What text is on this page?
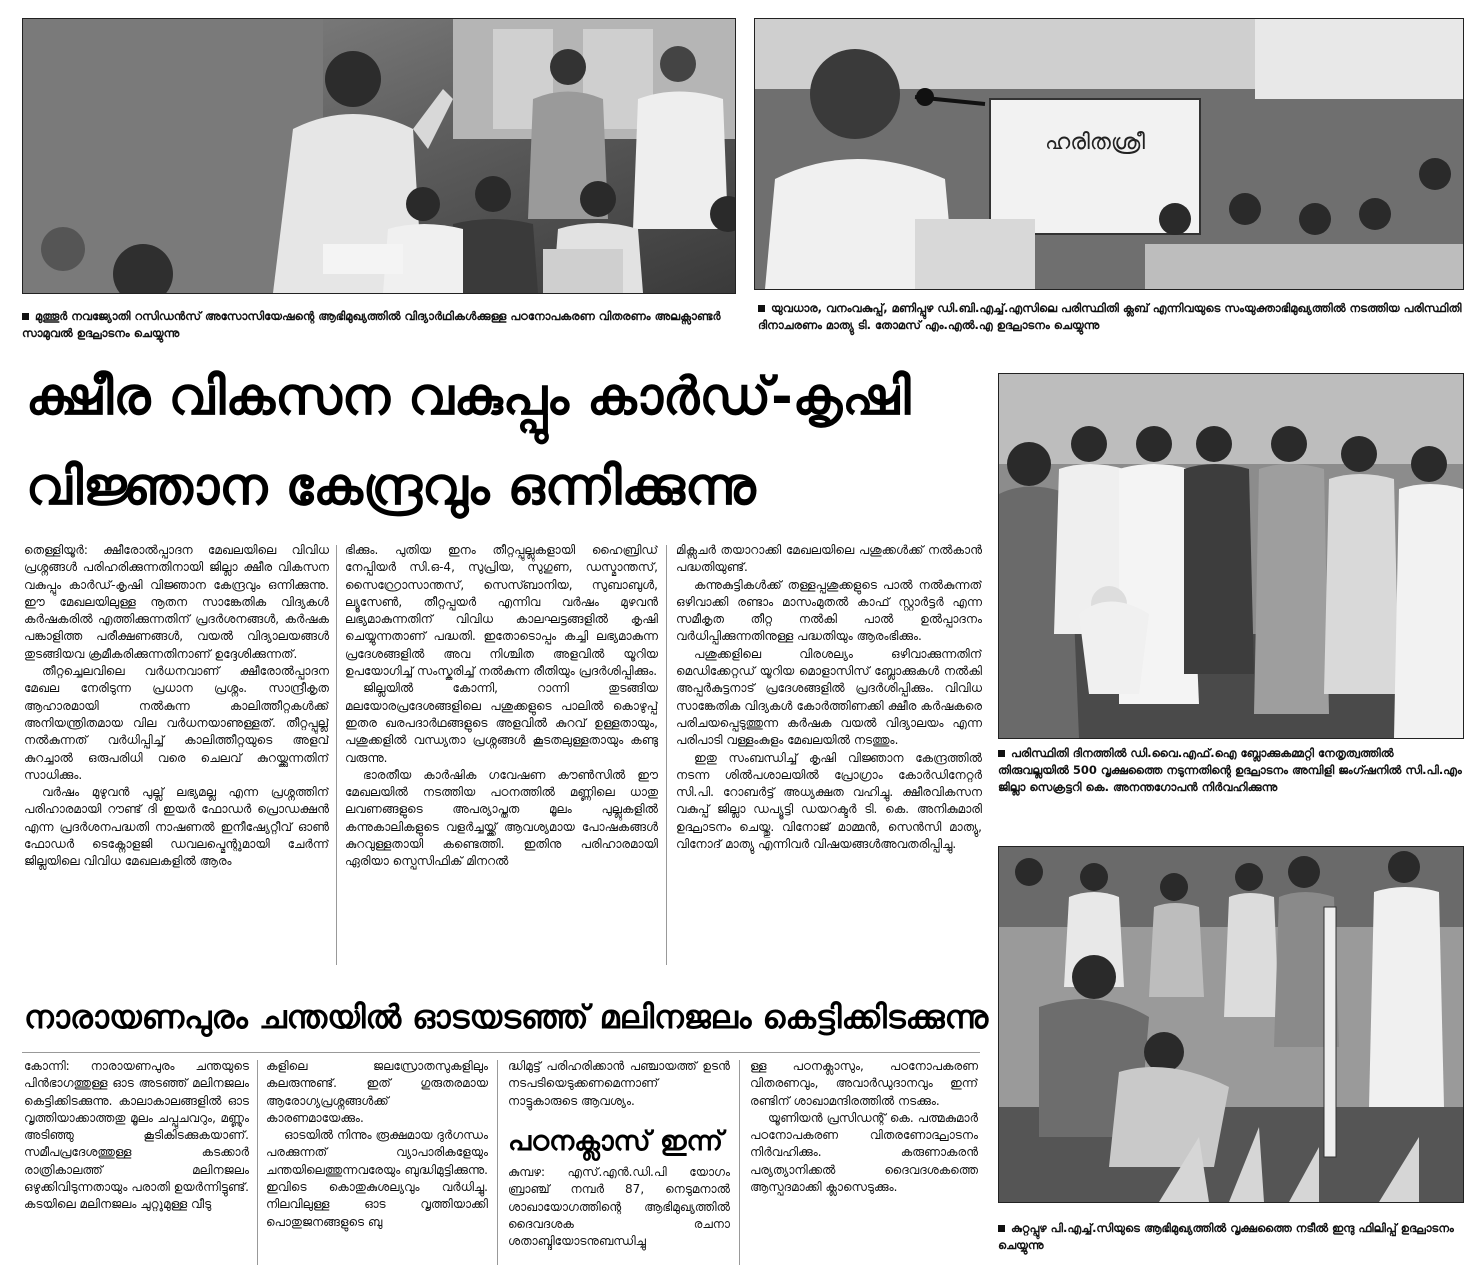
മുത്തൂര്‍ നവജ്യോതി റസിഡന്‍സ് അസോസിയേഷന്റെ ആഭിമുഖ്യത്തില്‍ വിദ്യാര്‍ഥികള്‍ക്കുള്ള പഠനോപകരണ വിതരണം അലക്സാണ്ടര്‍ സാമുവല്‍ ഉദ്ഘാടനം ചെയ്യുന്നു
ഹരിതശ്രീ
യുവധാര, വനംവകുപ്പ്, മണിപ്പുഴ ഡി.ബി.എച്ച്.എസിലെ പരിസ്ഥിതി ക്ലബ് എന്നിവയുടെ സംയുക്താഭിമുഖ്യത്തില്‍ നടത്തിയ പരിസ്ഥിതി ദിനാചരണം മാത്യു ടി. തോമസ് എം.എല്‍.എ ഉദ്ഘാടനം ചെയ്യുന്നു
ക്ഷീര വികസന വകുപ്പും കാര്‍ഡ്-കൃഷി
വിജ്ഞാന കേന്ദ്രവും ഒന്നിക്കുന്നു

തെള്ളിയൂര്‍: ക്ഷീരോല്‍പ്പാദന മേഖലയിലെ വിവിധ പ്രശ്നങ്ങള്‍ പരിഹരിക്കുന്നതിനായി ജില്ലാ ക്ഷീര വികസന വകുപ്പും കാര്‍ഡ്-കൃഷി വിജ്ഞാന കേന്ദ്രവും ഒന്നിക്കുന്നു. ഈ മേഖലയിലുള്ള നൂതന സാങ്കേതിക വിദ്യകള്‍ കര്‍ഷകരില്‍ എത്തിക്കുന്നതിന് പ്രദര്‍ശനങ്ങള്‍, കര്‍ഷക പങ്കാളിത്ത പരീക്ഷണങ്ങള്‍, വയല്‍ വിദ്യാലയങ്ങള്‍ തുടങ്ങിയവ ക്രമീകരിക്കുന്നതിനാണ് ഉദ്ദേശിക്കുന്നത്.

തീറ്റച്ചെലവിലെ വര്‍ധനവാണ് ക്ഷീരോല്‍പ്പാദന മേഖല നേരിടുന്ന പ്രധാന പ്രശ്നം. സാന്ദ്രീകൃത ആഹാരമായി നല്‍കുന്ന കാലിത്തീറ്റകള്‍ക്ക് അനിയന്ത്രിതമായ വില വര്‍ധനയാണുള്ളത്. തീറ്റപ്പുല്ല് നല്‍കുന്നത് വര്‍ധിപ്പിച്ച് കാലിത്തീറ്റയുടെ അളവ് കുറച്ചാല്‍ ഒരുപരിധി വരെ ചെലവ് കുറയ്ക്കുന്നതിന് സാധിക്കും.

വര്‍ഷം മുഴുവന്‍ പുല്ല് ലഭ്യമല്ല എന്ന പ്രശ്നത്തിന് പരിഹാരമായി റൗണ്ട് ദി ഇയര്‍ ഫോഡര്‍ പ്രൊഡക്ഷന്‍ എന്ന പ്രദര്‍ശനപദ്ധതി നാഷണല്‍ ഇനീഷ്യേറ്റീവ് ഓണ്‍ ഫോഡര്‍ ടെക്നോളജി ഡവലപ്മെന്റുമായി ചേര്‍ന്ന് ജില്ലയിലെ വിവിധ മേഖലകളില്‍ ആരം

ഭിക്കും. പുതിയ ഇനം തീറ്റപ്പുല്ലുകളായി ഹൈബ്രിഡ് നേപ്പിയര്‍ സി.ഒ-4, സുപ്രിയ, സുഗുണ, ഡസ്മാന്തസ്, സൈറ്റ്രോസാന്തസ്, സെസ്ബാനിയ, സുബാബുള്‍, ല്യൂസേണ്‍, തീറ്റപ്പയര്‍ എന്നിവ വര്‍ഷം മുഴവന്‍ ലഭ്യമാകുന്നതിന് വിവിധ കാലഘട്ടങ്ങളില്‍ കൃഷി ചെയ്യുന്നതാണ് പദ്ധതി. ഇതോടൊപ്പം കച്ചി ലഭ്യമാകുന്ന പ്രദേശങ്ങളില്‍ അവ നിശ്ചിത അളവില്‍ യൂറിയ ഉപയോഗിച്ച് സംസ്കരിച്ച് നല്‍കുന്ന രീതിയും പ്രദര്‍ശിപ്പിക്കും.

ജില്ലയില്‍ കോന്നി, റാന്നി തുടങ്ങിയ മലയോരപ്രദേശങ്ങളിലെ പശുക്കളുടെ പാലില്‍ കൊഴുപ്പ് ഇതര ഖരപദാര്‍ഥങ്ങളുടെ അളവില്‍ കുറവ് ഉള്ളതായും, പശുക്കളില്‍ വന്ധ്യതാ പ്രശ്നങ്ങള്‍ കൂടതലുള്ളതായും കണ്ടു വരുന്നു.

ഭാരതീയ കാര്‍ഷിക ഗവേഷണ കൗണ്‍സില്‍ ഈ മേഖലയില്‍ നടത്തിയ പഠനത്തില്‍ മണ്ണിലെ ധാതു ലവണങ്ങളുടെ അപര്യാപ്തത മൂലം പുല്ലുകളില്‍ കന്നുകാലികളുടെ വളര്‍ച്ചയ്ക്ക് ആവശ്യമായ പോഷകങ്ങള്‍ കുറവുള്ളതായി കണ്ടെത്തി. ഇതിനു പരിഹാരമായി ഏരിയാ സ്പെസിഫിക് മിനറല്‍

മിക്സചര്‍ തയാറാക്കി മേഖലയിലെ പശുക്കള്‍ക്ക് നല്‍കാന്‍ പദ്ധതിയുണ്ട്.

കന്നുകുട്ടികള്‍ക്ക് തള്ളപ്പശുക്കളുടെ പാല്‍ നല്‍കുന്നത് ഒഴിവാക്കി രണ്ടാം മാസംമുതല്‍ കാഫ് സ്റ്റാര്‍ട്ടര്‍ എന്ന സമീകൃത തീറ്റ നല്‍കി പാല്‍ ഉല്‍പ്പാദനം വര്‍ധിപ്പിക്കുന്നതിനുള്ള പദ്ധതിയും ആരംഭിക്കും.

പശുക്കളിലെ വിരശല്യം ഒഴിവാക്കുന്നതിന് മെഡിക്കേറ്റഡ് യൂറിയ മൊളാസിസ് ബ്ലോക്കുകള്‍ നല്‍കി അപ്പര്‍കുട്ടനാട് പ്രദേശങ്ങളില്‍ പ്രദര്‍ശിപ്പിക്കും. വിവിധ സാങ്കേതിക വിദ്യകള്‍ കോര്‍ത്തിണക്കി ക്ഷീര കര്‍ഷകരെ പരിചയപ്പെടുത്തുന്ന കര്‍ഷക വയല്‍ വിദ്യാലയം എന്ന പരിപാടി വള്ളംകുളം മേഖലയില്‍ നടത്തും.

ഇതു സംബന്ധിച്ച് കൃഷി വിജ്ഞാന കേന്ദ്രത്തില്‍ നടന്ന ശില്‍പശാലയില്‍ പ്രോഗ്രാം കോര്‍ഡിനേറ്റര്‍ സി.പി. റോബര്‍ട്ട് അധ്യക്ഷത വഹിച്ചു. ക്ഷീരവികസന വകുപ്പ് ജില്ലാ ഡപ്യൂട്ടി ഡയറക്ടര്‍ ടി. കെ. അനികുമാരി ഉദ്ഘാടനം ചെയ്തു. വിനോജ് മാമ്മന്‍, സെന്‍സി മാത്യു, വിനോദ് മാത്യു എന്നിവര്‍ വിഷയങ്ങള്‍അവതരിപ്പിച്ചു.

പരിസ്ഥിതി ദിനത്തില്‍ ഡി.വൈ.എഫ്.ഐ ബ്ലോക്കുകമ്മറ്റി നേതൃത്വത്തില്‍ തിരുവല്ലയില്‍ 500 വൃക്ഷത്തൈ നടുന്നതിന്റെ ഉദ്ഘാടനം അമ്പിളി ജംഗ്ഷനില്‍ സി.പി.എം ജില്ലാ സെക്രട്ടറി കെ. അനന്തഗോപന്‍ നിര്‍വഹിക്കുന്നു
നാരായണപുരം ചന്തയില്‍ ഓടയടഞ്ഞ് മലിനജലം കെട്ടിക്കിടക്കുന്നു

കോന്നി: നാരായണപുരം ചന്തയുടെ പിന്‍ഭാഗത്തുള്ള ഓട അടഞ്ഞ് മലിനജലം കെട്ടിക്കിടക്കുന്നു. കാലാകാലങ്ങളില്‍ ഓട വൃത്തിയാക്കാത്തതു മൂലം ചപ്പുചവറും, മണ്ണും അടിഞ്ഞു കൂടികിടക്കുകയാണ്. സമീപപ്രദേശത്തുള്ള കടക്കാര്‍ രാത്രികാലത്ത് മലിനജലം ഒഴുക്കിവിടുന്നതായും പരാതി ഉയര്‍ന്നിട്ടുണ്ട്. കടയിലെ മലിനജലം ചുറ്റുമുള്ള വീടു

കളിലെ ജലസ്രോതസുകളിലും കലരുന്നുണ്ട്. ഇത് ഗുരുതരമായ ആരോഗ്യപ്രശ്നങ്ങള്‍ക്ക് കാരണമായേക്കും.

ഓടയില്‍ നിന്നും രൂക്ഷമായ ദുര്‍ഗന്ധം പരക്കുന്നത് വ്യാപാരികളേയും ചന്തയിലെത്തുന്നവരേയും ബുദ്ധിമുട്ടിക്കുന്നു. ഇവിടെ കൊതുകുശല്യവും വര്‍ധിച്ചു. നിലവിലുള്ള ഓട വൃത്തിയാക്കി പൊതുജനങ്ങളുടെ ബു

ദ്ധിമുട്ട് പരിഹരിക്കാന്‍ പഞ്ചായത്ത് ഉടന്‍ നടപടിയെടുക്കണമെന്നാണ് നാട്ടുകാരുടെ ആവശ്യം.

പഠനക്ലാസ് ഇന്ന്

കുമ്പഴ: എസ്.എന്‍.ഡി.പി യോഗം ബ്രാഞ്ച് നമ്പര്‍ 87, നെടുമനാല്‍ ശാഖായോഗത്തിന്റെ ആഭിമുഖ്യത്തില്‍ ദൈവദശക രചനാ ശതാബ്ദിയോടനുബന്ധിച്ചു

ള്ള പഠനക്ലാസും, പഠനോപകരണ വിതരണവും, അവാര്‍ഡുദാനവും ഇന്ന് രണ്ടിന് ശാഖാമന്ദിരത്തില്‍ നടക്കും.

യൂണിയന്‍ പ്രസിഡന്റ് കെ. പത്മകുമാര്‍ പഠനോപകരണ വിതരണോദ്ഘാടനം നിര്‍വഹിക്കും. കരുണാകരന്‍ പര്യത്യാനിക്കല്‍ ദൈവദശകത്തെ ആസ്പദമാക്കി ക്ലാസെടുക്കും.

കുറ്റപ്പുഴ പി.എച്ച്.സിയുടെ ആഭിമുഖ്യത്തില്‍ വൃക്ഷത്തൈ നടീല്‍ ഇന്ദു ഫിലിപ്പ് ഉദ്ഘാടനം ചെയ്യുന്നു
